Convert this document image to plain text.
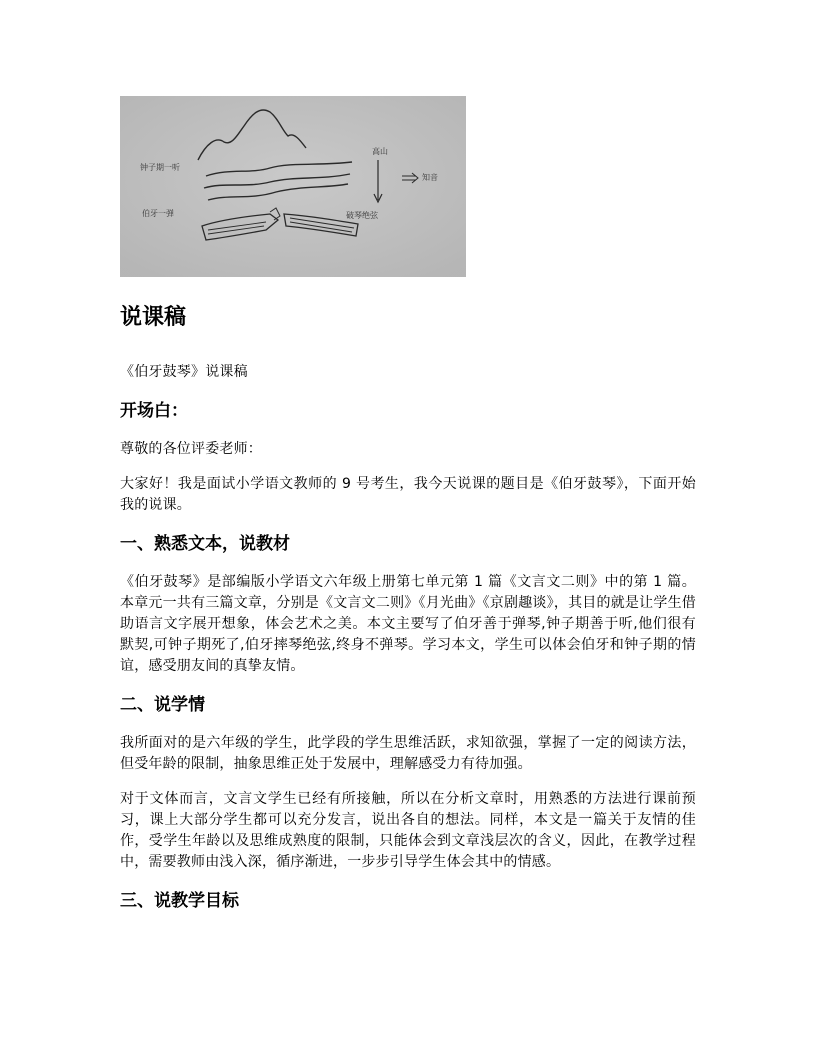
钟子期一听
伯牙一弹
高山
知音
破琴绝弦
说课稿

《伯牙鼓琴》说课稿

开场白：

尊敬的各位评委老师：

大家好！我是面试小学语文教师的 9 号考生，我今天说课的题目是《伯牙鼓琴》，下面开始我的说课。

一、熟悉文本，说教材

《伯牙鼓琴》是部编版小学语文六年级上册第七单元第 1 篇《文言文二则》中的第 1 篇。本章元一共有三篇文章，分别是《文言文二则》《月光曲》《京剧趣谈》，其目的就是让学生借助语言文字展开想象，体会艺术之美。本文主要写了伯牙善于弹琴,钟子期善于听,他们很有默契,可钟子期死了,伯牙摔琴绝弦,终身不弹琴。学习本文，学生可以体会伯牙和钟子期的情谊，感受朋友间的真挚友情。

二、说学情

我所面对的是六年级的学生，此学段的学生思维活跃，求知欲强，掌握了一定的阅读方法，但受年龄的限制，抽象思维正处于发展中，理解感受力有待加强。

对于文体而言，文言文学生已经有所接触，所以在分析文章时，用熟悉的方法进行课前预习，课上大部分学生都可以充分发言，说出各自的想法。同样，本文是一篇关于友情的佳作，受学生年龄以及思维成熟度的限制，只能体会到文章浅层次的含义，因此，在教学过程中，需要教师由浅入深，循序渐进，一步步引导学生体会其中的情感。

三、说教学目标
